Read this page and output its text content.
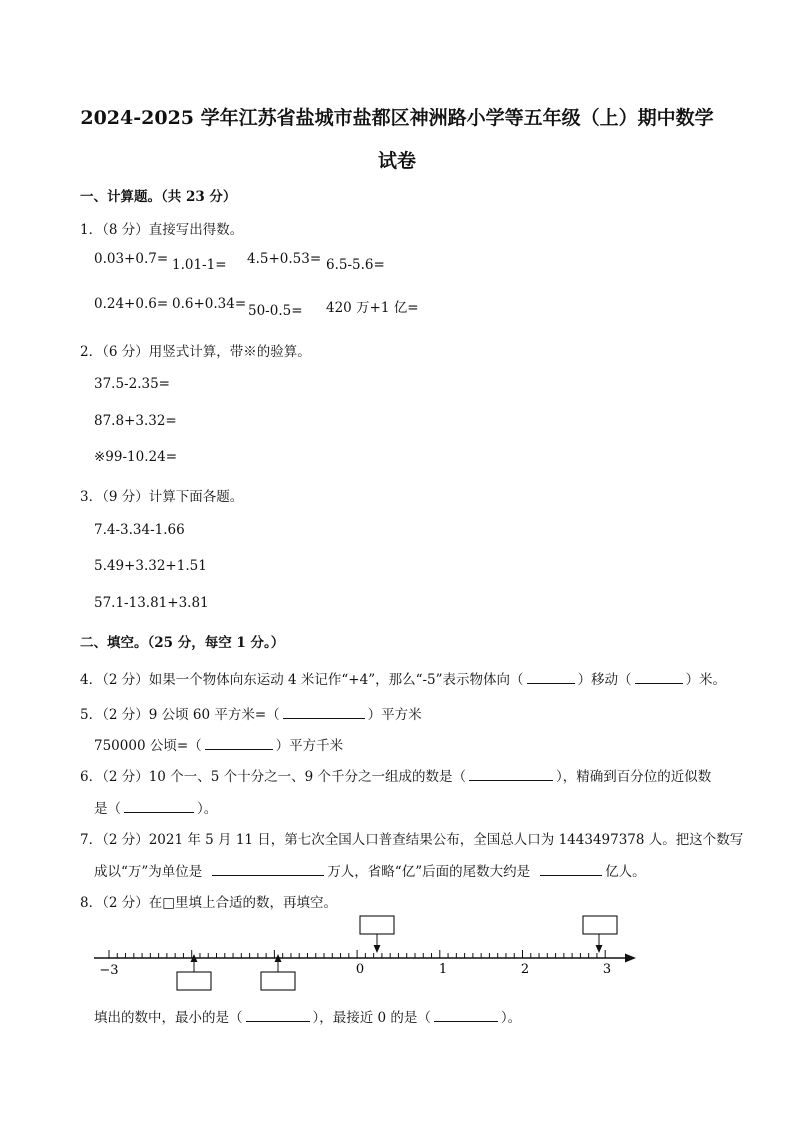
2024-2025 学年江苏省盐城市盐都区神洲路小学等五年级（上）期中数学
试卷
一、计算题。（共 23 分）
1．（8 分）直接写出得数。
0.03+0.7= 1.01-1= 4.5+0.53= 6.5-5.6=
0.24+0.6= 0.6+0.34= 50-0.5= 420 万+1 亿=
2．（6 分）用竖式计算，带※的验算。
37.5-2.35=
87.8+3.32=
※99-10.24=
3．（9 分）计算下面各题。
7.4-3.34-1.66
5.49+3.32+1.51
57.1-13.81+3.81
二、填空。（25 分，每空 1 分。）
4．（2 分）如果一个物体向东运动 4 米记作“+4”，那么“-5”表示物体向（	）移动（	）米。
5．（2 分）9 公顷 60 平方米=（	）平方米
750000 公顷=（	）平方千米
6．（2 分）10 个一、5 个十分之一、9 个千分之一组成的数是（	），精确到百分位的近似数
是（	）。
7．（2 分）2021 年 5 月 11 日，第七次全国人口普查结果公布，全国总人口为 1443497378 人。把这个数写
成以“万”为单位是	万人，省略“亿”后面的尾数大约是	亿人。
8．（2 分）在□里填上合适的数，再填空。
−3	0	1	2	3
填出的数中，最小的是（	），最接近 0 的是（	）。
